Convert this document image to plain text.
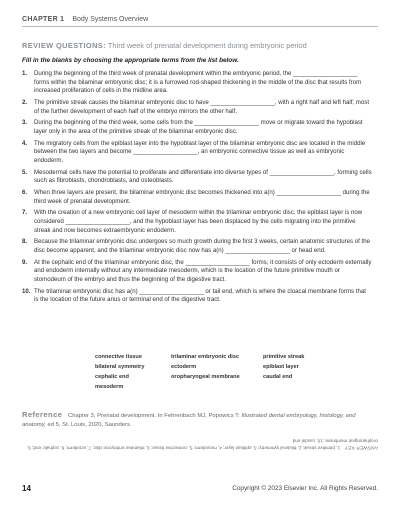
CHAPTER 1 Body Systems Overview
REVIEW QUESTIONS: Third week of prenatal development during embryonic period
Fill in the blanks by choosing the appropriate terms from the list below.
1. During the beginning of the third week of prenatal development within the embryonic period, the ___________________ forms within the bilaminar embryonic disc; it is a furrowed rod-shaped thickening in the middle of the disc that results from increased proliferation of cells in the midline area.
2. The primitive streak causes the bilaminar embryonic disc to have ___________________, with a right half and left half; most of the further development of each half of the embryo mirrors the other half.
3. During the beginning of the third week, some cells from the ___________________ move or migrate toward the hypoblast layer only in the area of the primitive streak of the bilaminar embryonic disc.
4. The migratory cells from the epiblast layer into the hypoblast layer of the bilaminar embryonic disc are located in the middle between the two layers and become ___________________, an embryonic connective tissue as well as embryonic endoderm.
5. Mesodermal cells have the potential to proliferate and differentiate into diverse types of ___________________, forming cells such as fibroblasts, chondroblasts, and osteoblasts.
6. When three layers are present, the bilaminar embryonic disc becomes thickened into a(n) ___________________ during the third week of prenatal development.
7. With the creation of a new embryonic cell layer of mesoderm within the trilaminar embryonic disc, the epiblast layer is now considered ___________________, and the hypoblast layer has been displaced by the cells migrating into the primitive streak and now becomes extraembryonic endoderm.
8. Because the trilaminar embryonic disc undergoes so much growth during the first 3 weeks, certain anatomic structures of the disc become apparent, and the trilaminar embryonic disc now has a(n) ___________________ or head end.
9. At the cephalic end of the trilaminar embryonic disc, the ___________________ forms; it consists of only ectoderm externally and endoderm internally without any intermediate mesoderm, which is the location of the future primitive mouth or stomodeum of the embryo and thus the beginning of the digestive tract.
10. The trilaminar embryonic disc has a(n) ___________________ or tail end, which is where the cloacal membrane forms that is the location of the future anus or terminal end of the digestive tract.
connective tissue	trilaminar embryonic disc	primitive streak
bilateral symmetry	ectoderm	epiblast layer
cephalic end	oropharyngeal membrane	caudal end
mesoderm
Reference Chapter 3, Prenatal development. In Fehrenbach MJ, Popowics T: Illustrated dental embryology, histology, and anatomy, ed 5, St. Louis, 2020, Saunders.
ANSWER KEY 1, primitive streak; 2, bilateral symmetry; 3, epiblast layer; 4, mesoderm; 5, connective tissue; 6, trilaminar embryonic disc; 7, ectoderm; 8, cephalic end; 9, oropharyngeal membrane; 10, caudal end
14	Copyright © 2023 Elsevier Inc. All Rights Reserved.
